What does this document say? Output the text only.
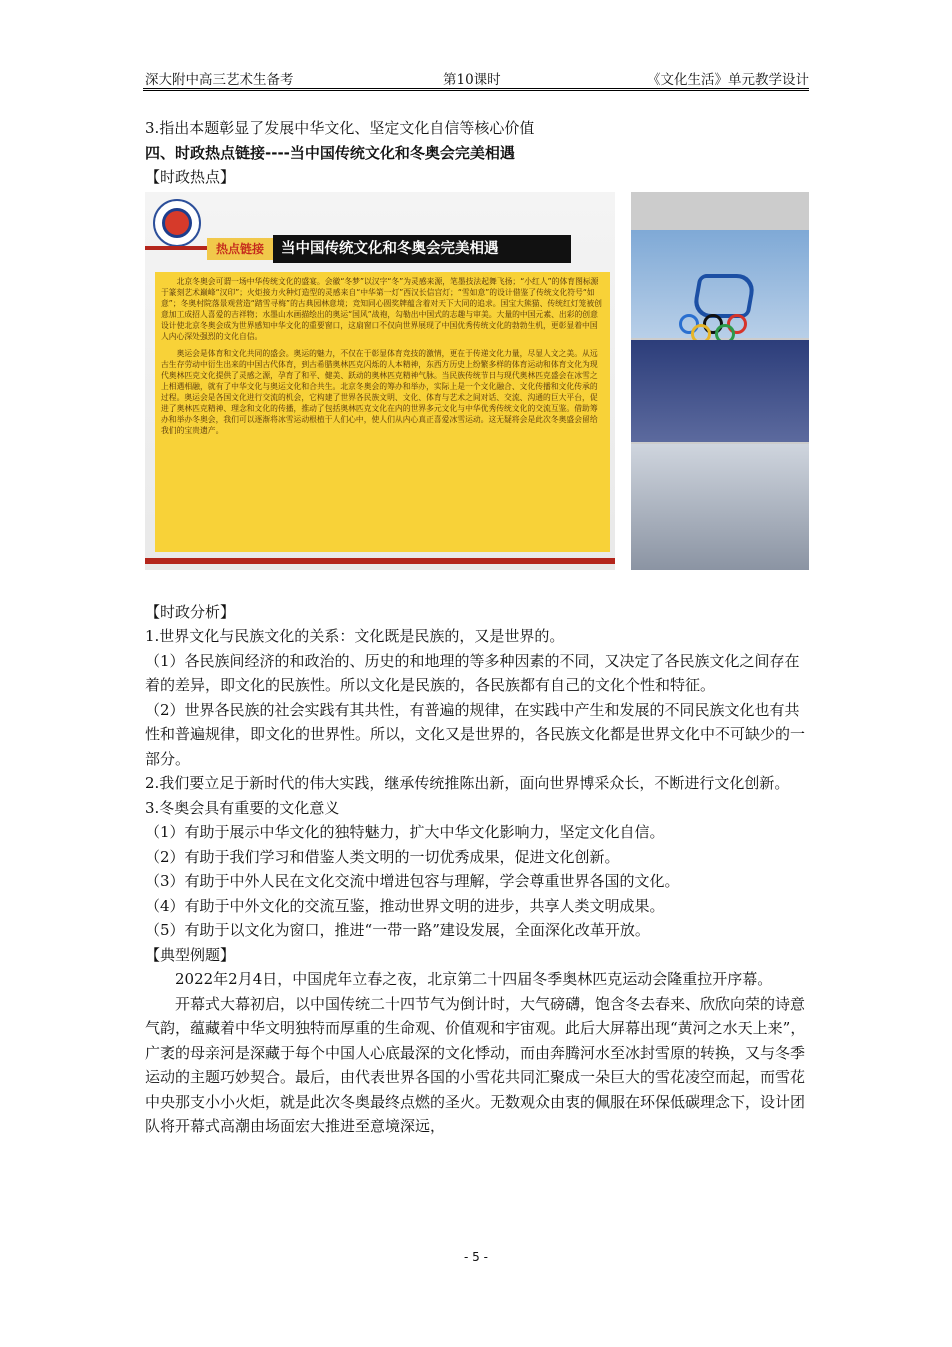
深大附中高三艺术生备考	第10课时	《文化生活》单元教学设计

3.指出本题彰显了发展中华文化、坚定文化自信等核心价值

四、时政热点链接----当中国传统文化和冬奥会完美相遇

【时政热点】

热点链接	当中国传统文化和冬奥会完美相遇

北京冬奥会可谓一场中华传统文化的盛宴。会徽“冬梦”以汉字“冬”为灵感来源，笔墨技法起舞飞扬；“小红人”的体育图标源于篆刻艺术巅峰“汉印”；火炬接力火种灯造型的灵感来自“中华第一灯”西汉长信宫灯；“雪如意”的设计借鉴了传统文化符号“如意”；冬奥村院落景观营造“踏雪寻梅”的古典园林意境；竞知同心圆奖牌蕴含着对天下大同的追求。国宝大熊猫、传统红灯笼被创意加工成招人喜爱的吉祥物；水墨山水画描绘出的奥运“国风”战袍，勾勒出中国式的志趣与审美。大量的中国元素、出彩的创意设计使北京冬奥会成为世界感知中华文化的重要窗口，这扇窗口不仅向世界展现了中国优秀传统文化的勃勃生机，更彰显着中国人内心深处强烈的文化自信。

奥运会是体育和文化共同的盛会。奥运的魅力，不仅在于彰显体育竞技的激情，更在于传递文化力量，尽显人文之美。从远古生存劳动中衍生出来的中国古代体育，到古希腊奥林匹克闪烁的人本精神，东西方历史上纷繁多样的体育运动和体育文化为现代奥林匹克文化提供了灵感之源，孕育了和平、健美、跃动的奥林匹克精神气脉。当民族传统节日与现代奥林匹克盛会在冰雪之上相遇相融，就有了中华文化与奥运文化和合共生。北京冬奥会的筹办和举办，实际上是一个文化融合、文化传播和文化传承的过程。奥运会是各国文化进行交流的机会，它构建了世界各民族文明、文化、体育与艺术之间对话、交流、沟通的巨大平台，促进了奥林匹克精神、理念和文化的传播，推动了包括奥林匹克文化在内的世界多元文化与中华优秀传统文化的交流互鉴。借助筹办和举办冬奥会，我们可以逐渐将冰雪运动根植于人们心中，使人们从内心真正喜爱冰雪运动。这无疑将会是此次冬奥盛会留给我们的宝贵遗产。

【时政分析】

1.世界文化与民族文化的关系：文化既是民族的，又是世界的。

（1）各民族间经济的和政治的、历史的和地理的等多种因素的不同，又决定了各民族文化之间存在着的差异，即文化的民族性。所以文化是民族的，各民族都有自己的文化个性和特征。

（2）世界各民族的社会实践有其共性，有普遍的规律，在实践中产生和发展的不同民族文化也有共性和普遍规律，即文化的世界性。所以，文化又是世界的，各民族文化都是世界文化中不可缺少的一部分。

2.我们要立足于新时代的伟大实践，继承传统推陈出新，面向世界博采众长，不断进行文化创新。

3.冬奥会具有重要的文化意义

（1）有助于展示中华文化的独特魅力，扩大中华文化影响力，坚定文化自信。

（2）有助于我们学习和借鉴人类文明的一切优秀成果，促进文化创新。

（3）有助于中外人民在文化交流中增进包容与理解，学会尊重世界各国的文化。

（4）有助于中外文化的交流互鉴，推动世界文明的进步，共享人类文明成果。

（5）有助于以文化为窗口，推进“一带一路”建设发展，全面深化改革开放。

【典型例题】

2022年2月4日，中国虎年立春之夜，北京第二十四届冬季奥林匹克运动会隆重拉开序幕。

开幕式大幕初启，以中国传统二十四节气为倒计时，大气磅礴，饱含冬去春来、欣欣向荣的诗意气韵，蕴藏着中华文明独特而厚重的生命观、价值观和宇宙观。此后大屏幕出现“黄河之水天上来”，广袤的母亲河是深藏于每个中国人心底最深的文化悸动，而由奔腾河水至冰封雪原的转换，又与冬季运动的主题巧妙契合。最后，由代表世界各国的小雪花共同汇聚成一朵巨大的雪花凌空而起，而雪花中央那支小小火炬，就是此次冬奥最终点燃的圣火。无数观众由衷的佩服在环保低碳理念下，设计团队将开幕式高潮由场面宏大推进至意境深远，

- 5 -
